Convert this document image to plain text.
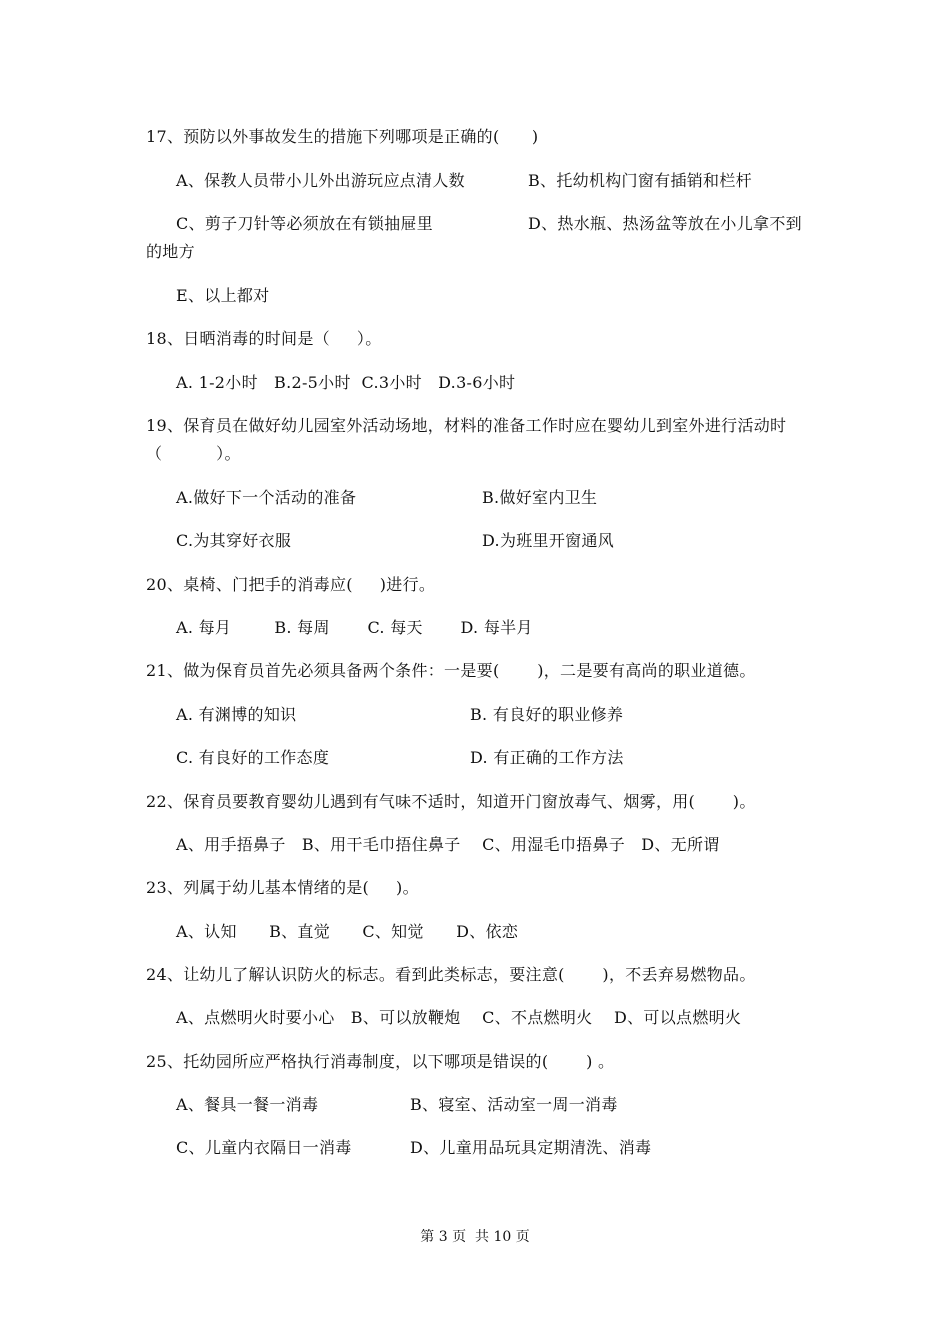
17、预防以外事故发生的措施下列哪项是正确的(      )
A、保教人员带小儿外出游玩应点清人数	B、托幼机构门窗有插销和栏杆
C、剪子刀针等必须放在有锁抽屉里	D、热水瓶、热汤盆等放在小儿拿不到
的地方
E、以上都对
18、日晒消毒的时间是（     ）。
A. 1-2小时   B.2-5小时  C.3小时   D.3-6小时
19、保育员在做好幼儿园室外活动场地，材料的准备工作时应在婴幼儿到室外进行活动时
（          ）。
A.做好下一个活动的准备	B.做好室内卫生
C.为其穿好衣服	D.为班里开窗通风
20、桌椅、门把手的消毒应(     )进行。
A. 每月        B. 每周       C. 每天       D. 每半月
21、做为保育员首先必须具备两个条件：一是要(       )，二是要有高尚的职业道德。
A. 有渊博的知识	B. 有良好的职业修养
C. 有良好的工作态度	D. 有正确的工作方法
22、保育员要教育婴幼儿遇到有气味不适时，知道开门窗放毒气、烟雾，用(       )。
A、用手捂鼻子   B、用干毛巾捂住鼻子    C、用湿毛巾捂鼻子   D、无所谓
23、列属于幼儿基本情绪的是(     )。
A、认知      B、直觉      C、知觉      D、依恋
24、让幼儿了解认识防火的标志。看到此类标志，要注意(       )，不丢弃易燃物品。
A、点燃明火时要小心   B、可以放鞭炮    C、不点燃明火    D、可以点燃明火
25、托幼园所应严格执行消毒制度，以下哪项是错误的(       ) 。
A、餐具一餐一消毒	B、寝室、活动室一周一消毒
C、儿童内衣隔日一消毒	D、儿童用品玩具定期清洗、消毒
第 3 页  共 10 页
